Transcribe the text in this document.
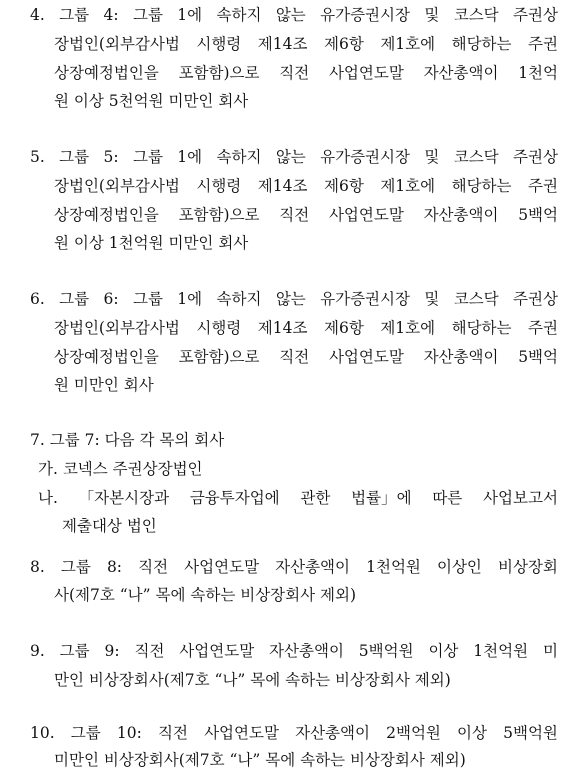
4. 그룹 4: 그룹 1에 속하지 않는 유가증권시장 및 코스닥 주권상
장법인(외부감사법 시행령 제14조 제6항 제1호에 해당하는 주권
상장예정법인을 포함함)으로 직전 사업연도말 자산총액이 1천억
원 이상 5천억원 미만인 회사
5. 그룹 5: 그룹 1에 속하지 않는 유가증권시장 및 코스닥 주권상
장법인(외부감사법 시행령 제14조 제6항 제1호에 해당하는 주권
상장예정법인을 포함함)으로 직전 사업연도말 자산총액이 5백억
원 이상 1천억원 미만인 회사
6. 그룹 6: 그룹 1에 속하지 않는 유가증권시장 및 코스닥 주권상
장법인(외부감사법 시행령 제14조 제6항 제1호에 해당하는 주권
상장예정법인을 포함함)으로 직전 사업연도말 자산총액이 5백억
원 미만인 회사
7. 그룹 7: 다음 각 목의 회사
가. 코넥스 주권상장법인
나. 「자본시장과 금융투자업에 관한 법률」에 따른 사업보고서
제출대상 법인
8. 그룹 8: 직전 사업연도말 자산총액이 1천억원 이상인 비상장회
사(제7호 “나” 목에 속하는 비상장회사 제외)
9. 그룹 9: 직전 사업연도말 자산총액이 5백억원 이상 1천억원 미
만인 비상장회사(제7호 “나” 목에 속하는 비상장회사 제외)
10. 그룹 10: 직전 사업연도말 자산총액이 2백억원 이상 5백억원
미만인 비상장회사(제7호 “나” 목에 속하는 비상장회사 제외)
